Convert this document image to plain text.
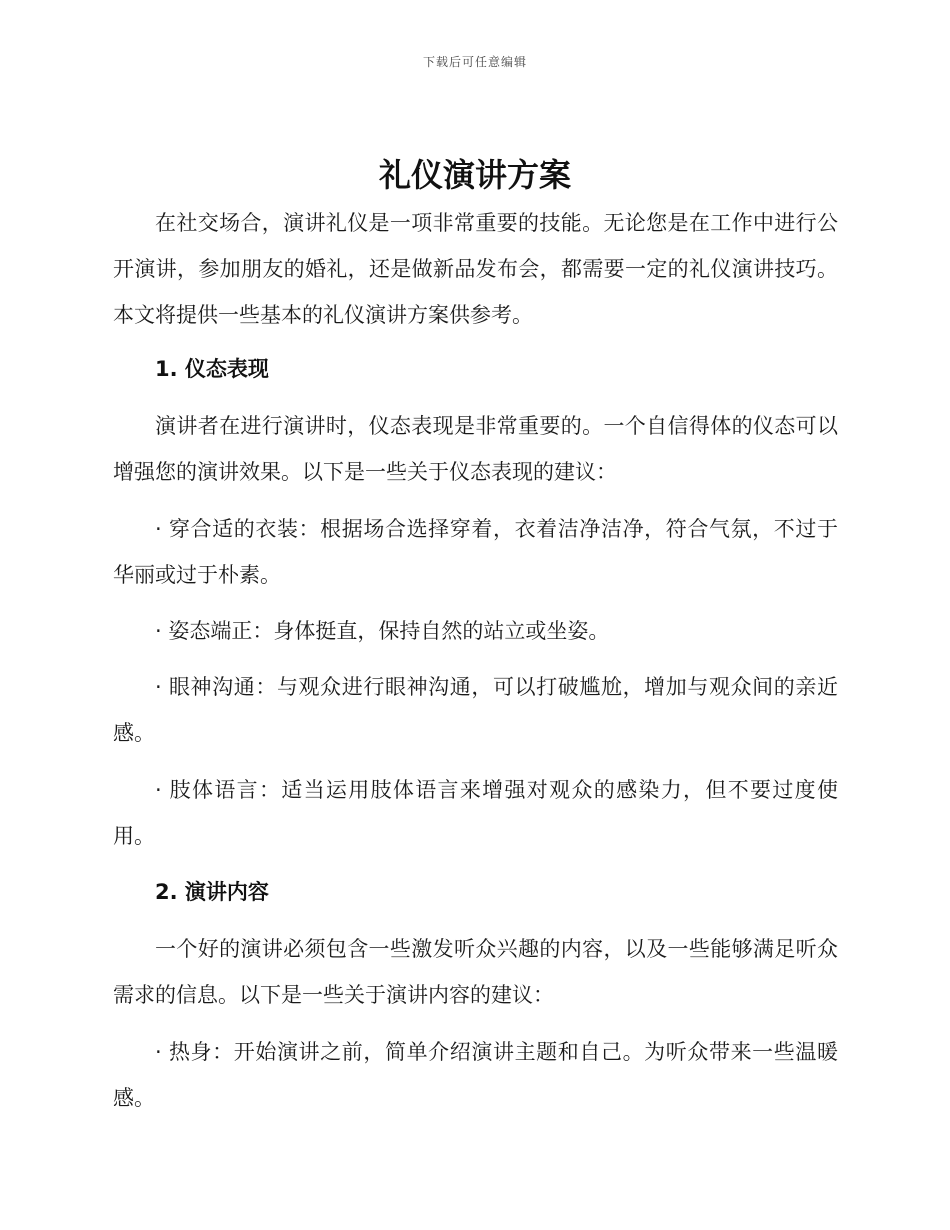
下载后可任意编辑
礼仪演讲方案

在社交场合，演讲礼仪是一项非常重要的技能。无论您是在工作中进行公开演讲，参加朋友的婚礼，还是做新品发布会，都需要一定的礼仪演讲技巧。本文将提供一些基本的礼仪演讲方案供参考。

1. 仪态表现

演讲者在进行演讲时，仪态表现是非常重要的。一个自信得体的仪态可以增强您的演讲效果。以下是一些关于仪态表现的建议：

· 穿合适的衣装：根据场合选择穿着，衣着洁净洁净，符合气氛，不过于华丽或过于朴素。

· 姿态端正：身体挺直，保持自然的站立或坐姿。

· 眼神沟通：与观众进行眼神沟通，可以打破尴尬，增加与观众间的亲近感。

· 肢体语言：适当运用肢体语言来增强对观众的感染力，但不要过度使用。

2. 演讲内容

一个好的演讲必须包含一些激发听众兴趣的内容，以及一些能够满足听众需求的信息。以下是一些关于演讲内容的建议：

· 热身：开始演讲之前，简单介绍演讲主题和自己。为听众带来一些温暖感。
